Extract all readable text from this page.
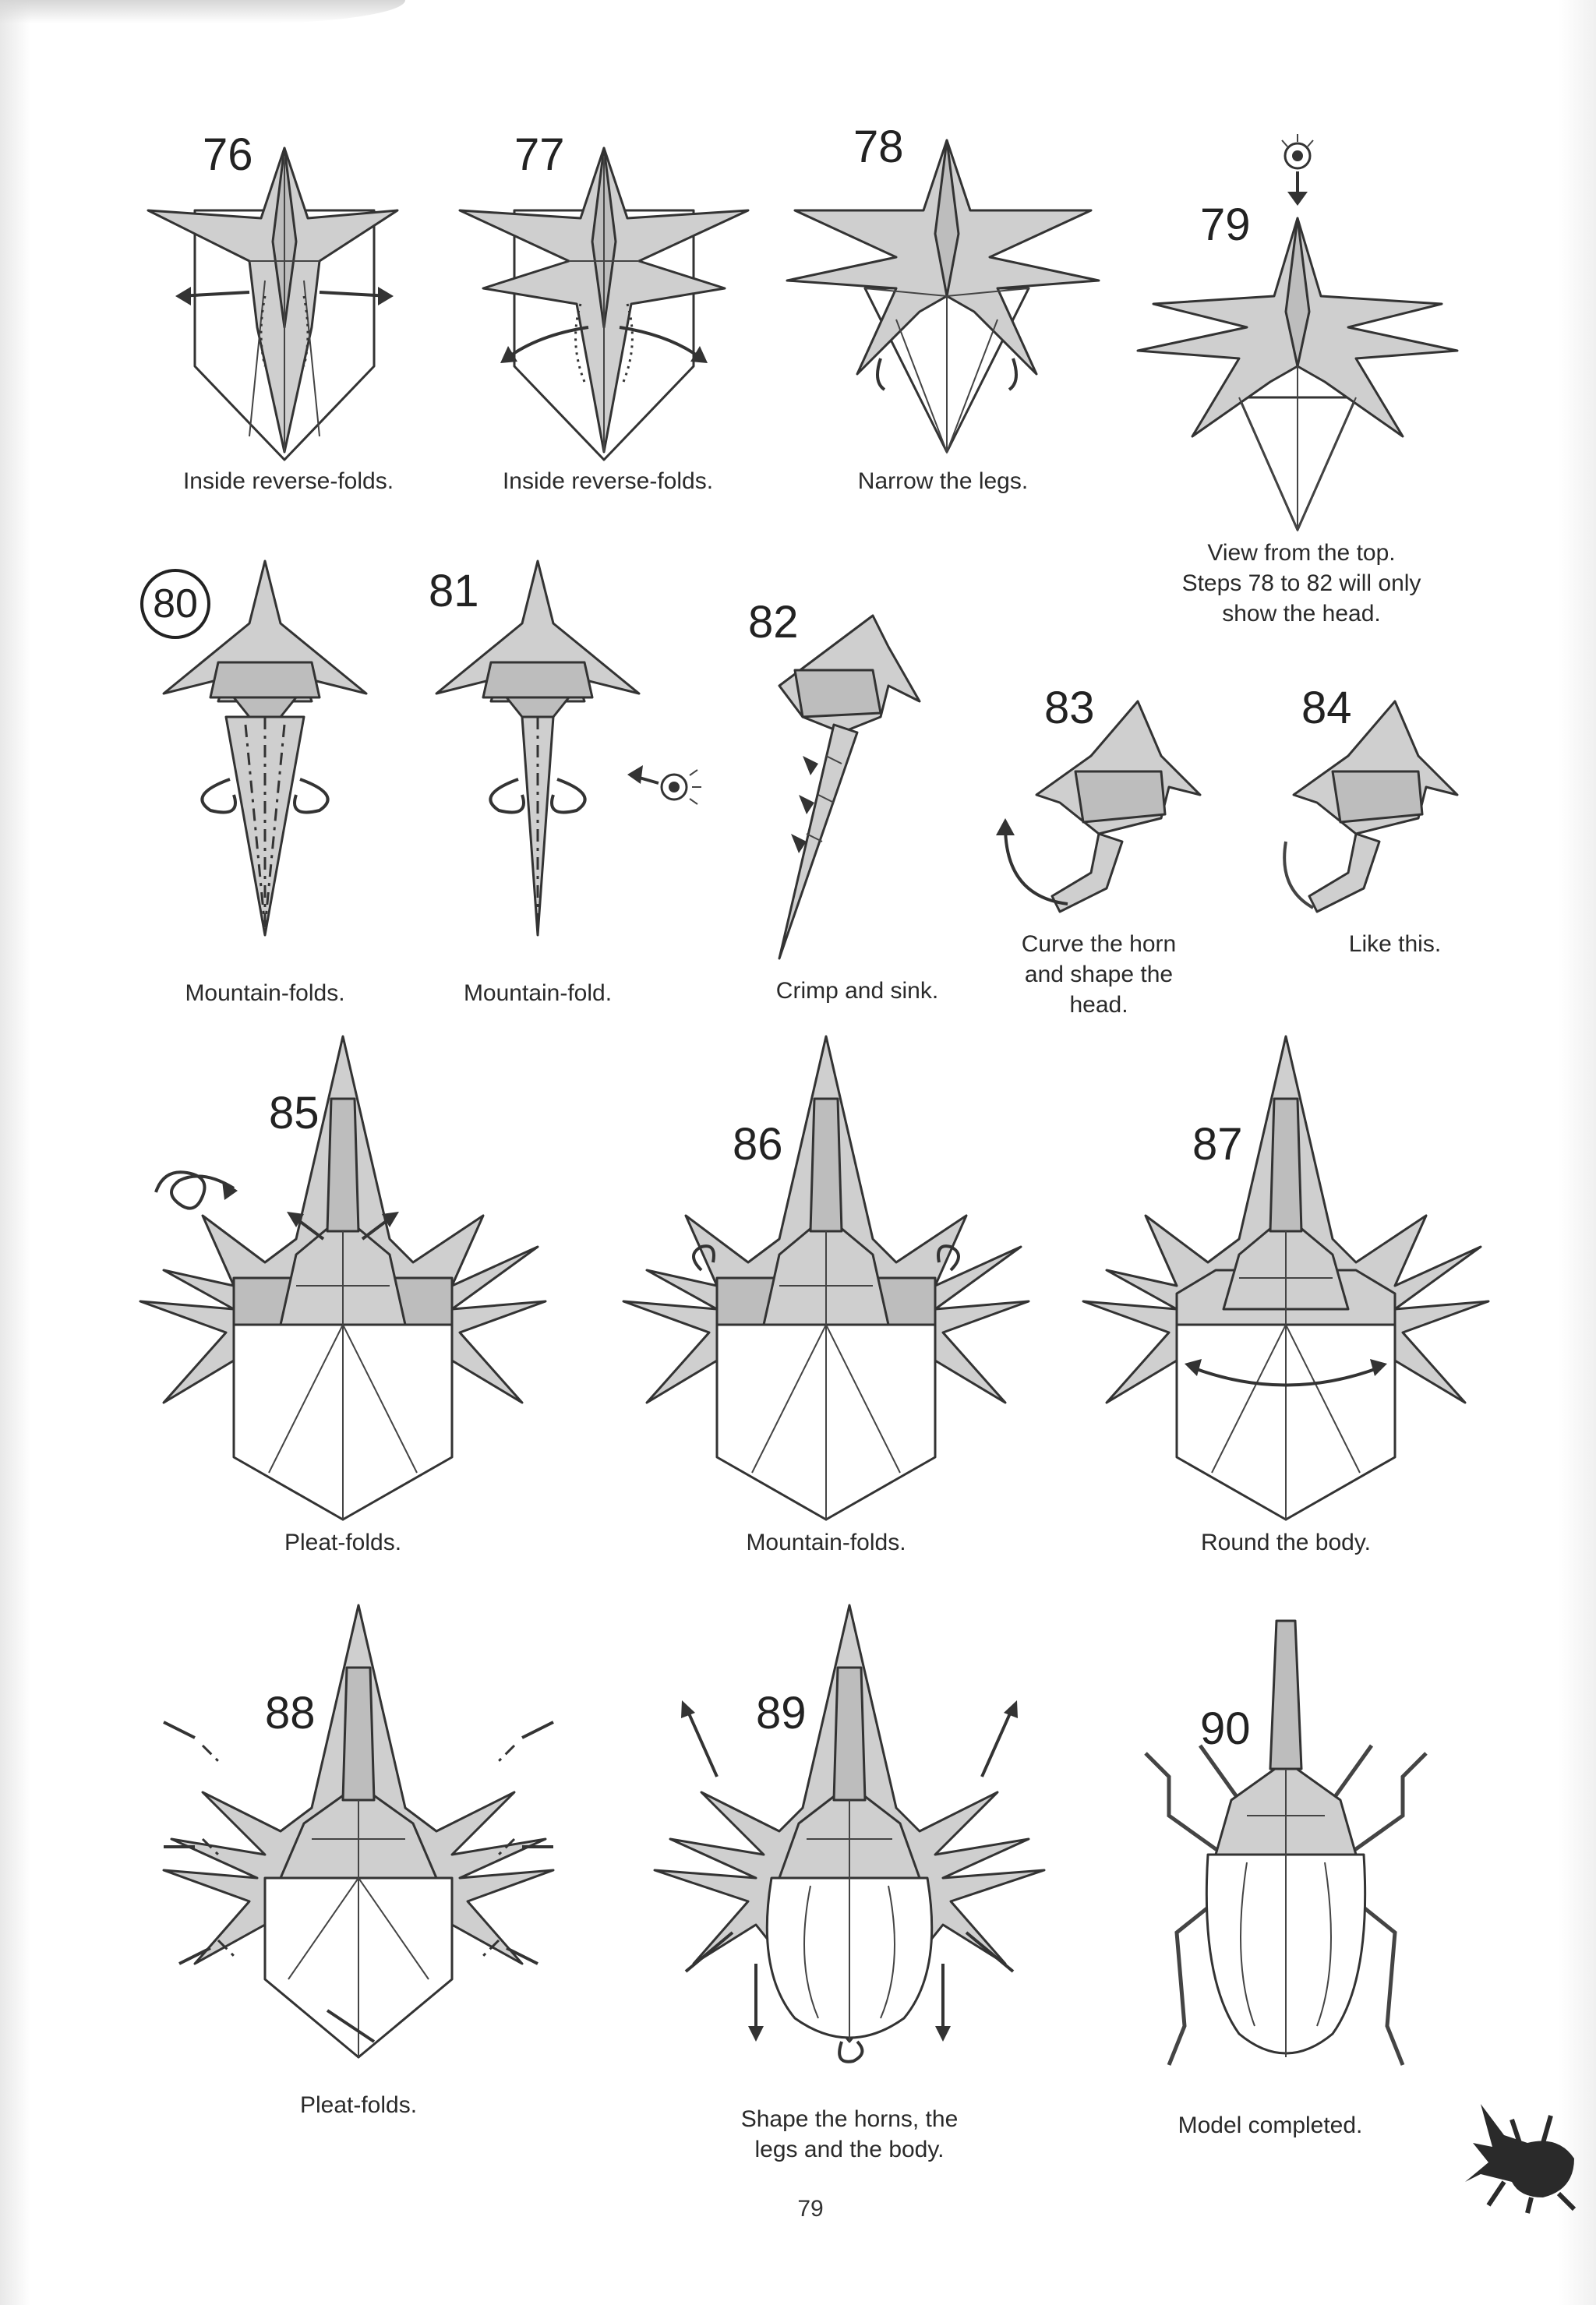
76
Inside reverse-folds.
77
Inside reverse-folds.
78
Narrow the legs.
79
View from the top.
Steps 78 to 82 will only
show the head.
80
Mountain-folds.
81
Mountain-fold.
82
Crimp and sink.
83
Curve the horn
and shape the
head.
84
Like this.
85
Pleat-folds.
86
Mountain-folds.
87
Round the body.
88
Pleat-folds.
89
Shape the horns, the
legs and the body.
90
Model completed.
79
